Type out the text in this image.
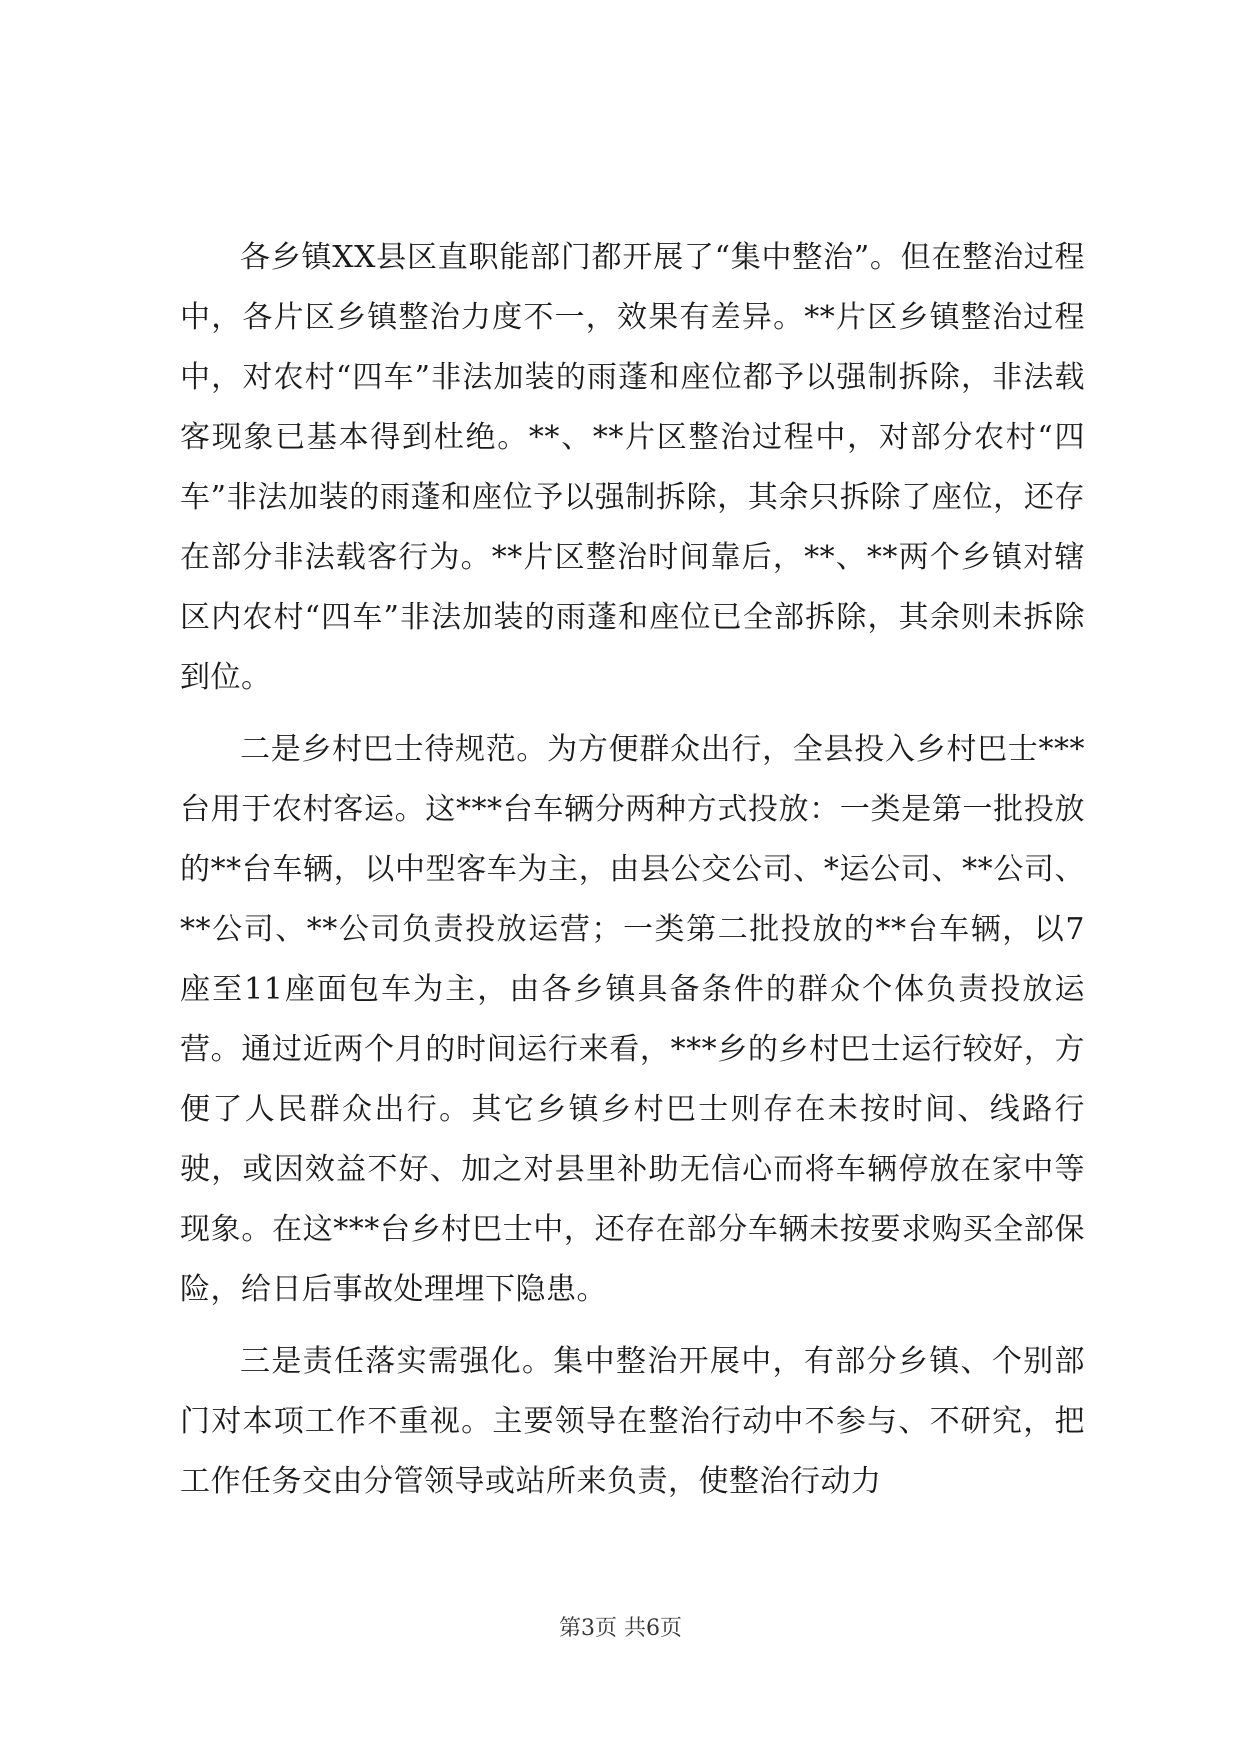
各乡镇XX县区直职能部门都开展了“集中整治”。但在整治过程中，各片区乡镇整治力度不一，效果有差异。**片区乡镇整治过程中，对农村“四车”非法加装的雨蓬和座位都予以强制拆除，非法载客现象已基本得到杜绝。**、**片区整治过程中，对部分农村“四车”非法加装的雨蓬和座位予以强制拆除，其余只拆除了座位，还存在部分非法载客行为。**片区整治时间靠后，**、**两个乡镇对辖区内农村“四车”非法加装的雨蓬和座位已全部拆除，其余则未拆除到位。

二是乡村巴士待规范。为方便群众出行，全县投入乡村巴士***台用于农村客运。这***台车辆分两种方式投放：一类是第一批投放的**台车辆，以中型客车为主，由县公交公司、*运公司、**公司、**公司、**公司负责投放运营；一类第二批投放的**台车辆，以7座至11座面包车为主，由各乡镇具备条件的群众个体负责投放运营。通过近两个月的时间运行来看，***乡的乡村巴士运行较好，方便了人民群众出行。其它乡镇乡村巴士则存在未按时间、线路行驶，或因效益不好、加之对县里补助无信心而将车辆停放在家中等现象。在这***台乡村巴士中，还存在部分车辆未按要求购买全部保险，给日后事故处理埋下隐患。

三是责任落实需强化。集中整治开展中，有部分乡镇、个别部门对本项工作不重视。主要领导在整治行动中不参与、不研究，把工作任务交由分管领导或站所来负责，使整治行动力

第3页 共6页
